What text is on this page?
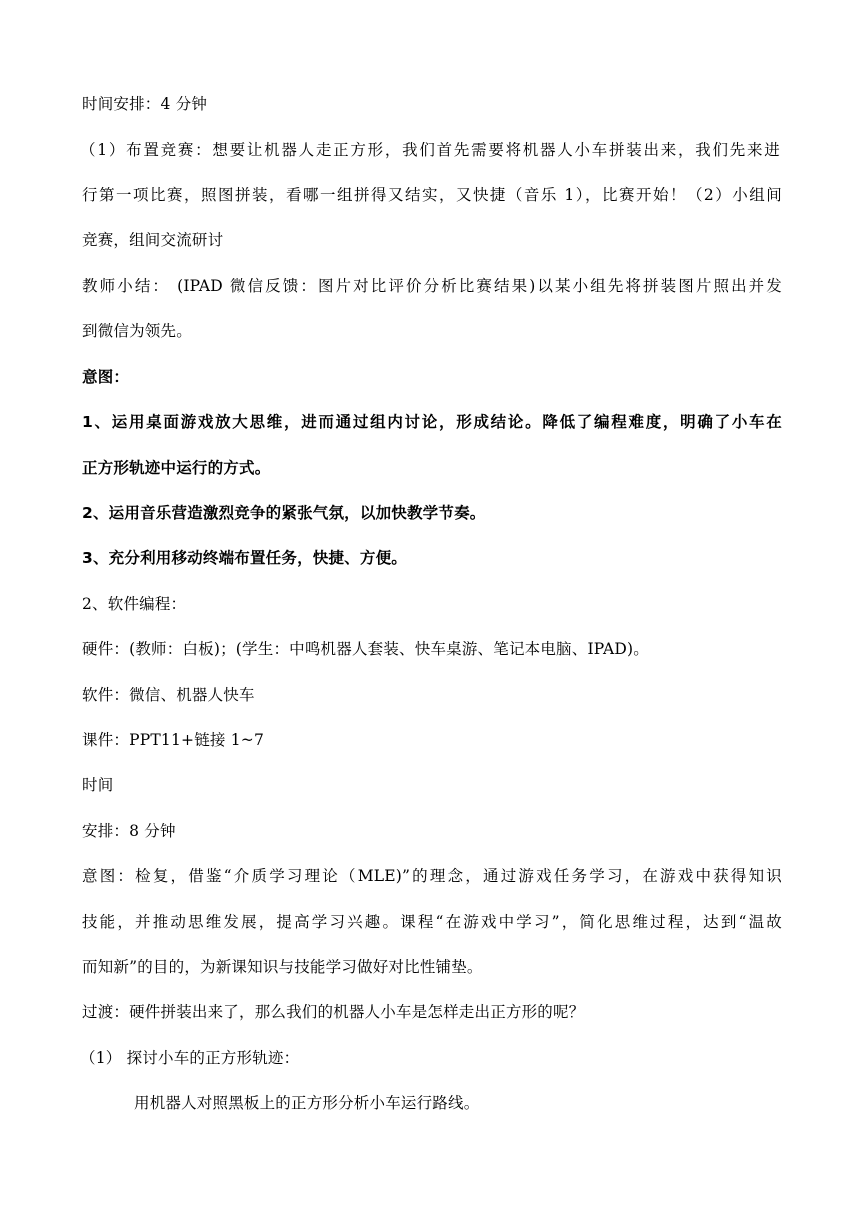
时间安排：4 分钟
（1）布置竞赛：想要让机器人走正方形，我们首先需要将机器人小车拼装出来，我们先来进
行第一项比赛，照图拼装，看哪一组拼得又结实，又快捷（音乐 1），比赛开始！（2）小组间
竞赛，组间交流研讨
教师小结： (IPAD 微信反馈：图片对比评价分析比赛结果)以某小组先将拼装图片照出并发
到微信为领先。
意图：
1、运用桌面游戏放大思维，进而通过组内讨论，形成结论。降低了编程难度，明确了小车在
正方形轨迹中运行的方式。
2、运用音乐营造激烈竞争的紧张气氛，以加快教学节奏。
3、充分利用移动终端布置任务，快捷、方便。
2、软件编程：
硬件：(教师：白板)；(学生：中鸣机器人套装、快车桌游、笔记本电脑、IPAD)。
软件：微信、机器人快车
课件：PPT11+链接 1~7
时间
安排：8 分钟
意图：检复，借鉴“介质学习理论（MLE)”的理念，通过游戏任务学习，在游戏中获得知识
技能，并推动思维发展，提高学习兴趣。课程“在游戏中学习”，简化思维过程，达到“温故
而知新”的目的，为新课知识与技能学习做好对比性铺垫。
过渡：硬件拼装出来了，那么我们的机器人小车是怎样走出正方形的呢？
（1） 探讨小车的正方形轨迹：
用机器人对照黑板上的正方形分析小车运行路线。
